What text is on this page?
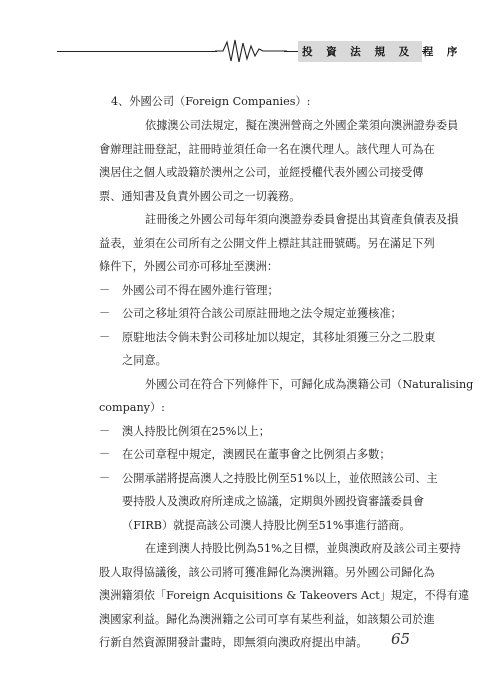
投 資 法 規 及 程 序
4、外國公司（Foreign Companies）:
依據澳公司法規定，擬在澳洲營商之外國企業須向澳洲證券委員
會辦理註冊登記，註冊時並須任命一名在澳代理人。該代理人可為在
澳居住之個人或設籍於澳州之公司，並經授權代表外國公司接受傳
票、通知書及負責外國公司之一切義務。
註冊後之外國公司每年須向澳證券委員會提出其資產負債表及損
益表，並須在公司所有之公開文件上標註其註冊號碼。另在滿足下列
條件下，外國公司亦可移址至澳洲：
－ 外國公司不得在國外進行管理；
－ 公司之移址須符合該公司原註冊地之法令規定並獲核准；
－ 原駐地法令倘未對公司移址加以規定，其移址須獲三分之二股東
之同意。
外國公司在符合下列條件下，可歸化成為澳籍公司（Naturalising
company）:
－ 澳人持股比例須在25%以上；
－ 在公司章程中規定，澳國民在董事會之比例須占多數；
－ 公開承諾將提高澳人之持股比例至51%以上，並依照該公司、主
要持股人及澳政府所達成之協議，定期與外國投資審議委員會
（FIRB）就提高該公司澳人持股比例至51%事進行諮商。
在達到澳人持股比例為51%之目標，並與澳政府及該公司主要持
股人取得協議後，該公司將可獲准歸化為澳洲籍。另外國公司歸化為
澳洲籍須依「Foreign Acquisitions & Takeovers Act」規定，不得有違
澳國家利益。歸化為澳洲籍之公司可享有某些利益，如該類公司於進
行新自然資源開發計畫時，即無須向澳政府提出申請。 65
